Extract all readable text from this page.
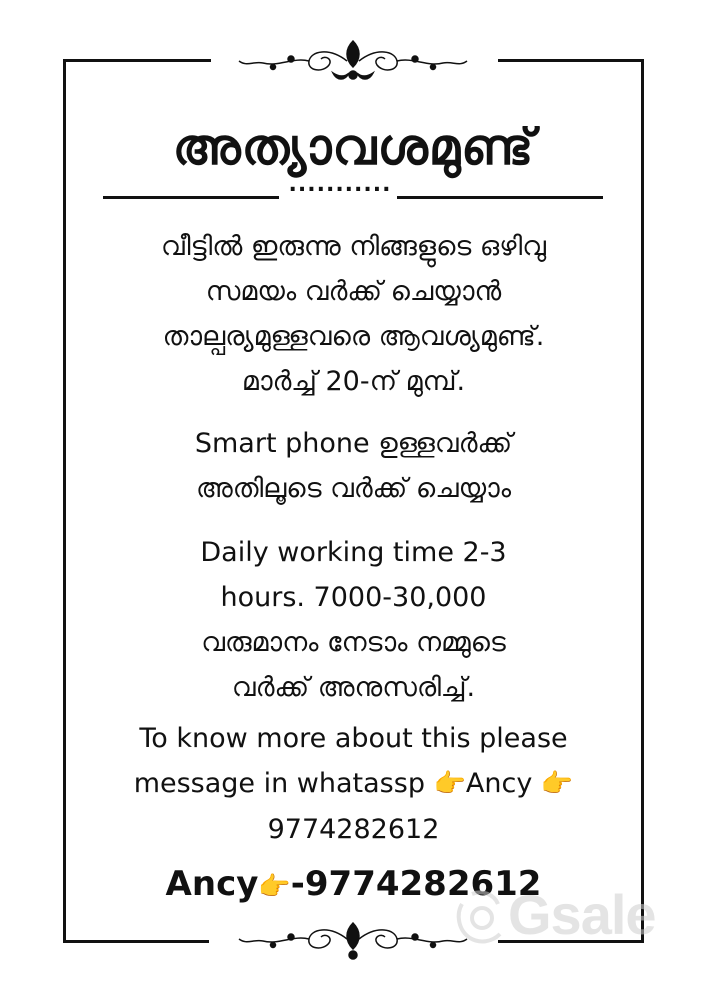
അത്യാവശമുണ്ട്
...........

വീട്ടിൽ ഇരുന്നു നിങ്ങളുടെ ഒഴിവു

സമയം വർക്ക് ചെയ്യാൻ

താല്പര്യമുള്ളവരെ ആവശ്യമുണ്ട്.

മാർച്ച് 20-ന് മുമ്പ്.

Smart phone ഉള്ളവർക്ക്

അതിലൂടെ വർക്ക് ചെയ്യാം

Daily working time 2-3

hours. 7000-30,000

വരുമാനം നേടാം നമ്മുടെ

വർക്ക് അനുസരിച്ച്.

To know more about this please

message in whatassp 👉Ancy 👉

9774282612

Ancy👉-9774282612
Gsale
